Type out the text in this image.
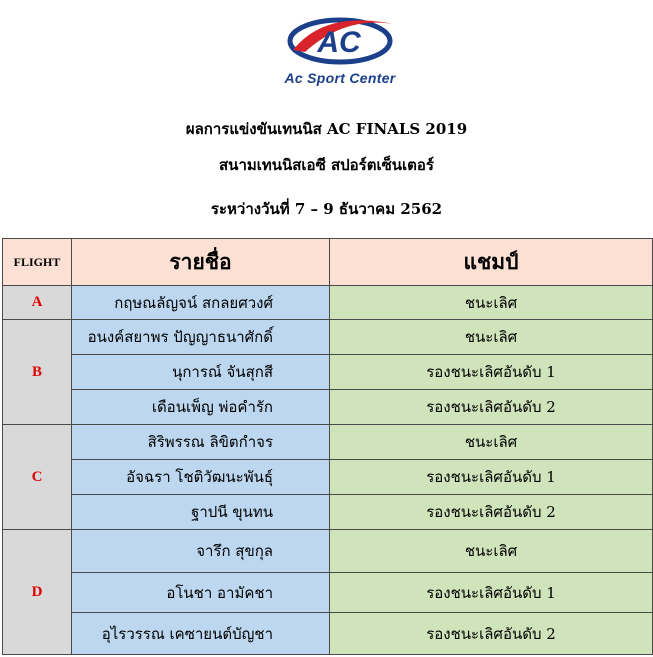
AC
Ac Sport Center
ผลการแข่งขันเทนนิส AC FINALS 2019
สนามเทนนิสเอซี สปอร์ตเซ็นเตอร์
ระหว่างวันที่ 7 – 9 ธันวาคม 2562
FLIGHT	รายชื่อ	แชมป์
A	กฤษณลัญจน์ สกลยศวงศ์	ชนะเลิศ
B	อนงค์สยาพร ปัญญาธนาศักดิ์	ชนะเลิศ
	นุการณ์ จันสุกสี	รองชนะเลิศอันดับ 1
	เดือนเพ็ญ พ่อคำรัก	รองชนะเลิศอันดับ 2
C	สิริพรรณ ลิขิตกำจร	ชนะเลิศ
	อัจฉรา โชติวัฒนะพันธุ์	รองชนะเลิศอันดับ 1
	ฐาปนี ขุนทน	รองชนะเลิศอันดับ 2
D	จารึก สุขกุล	ชนะเลิศ
	อโนชา อามัคชา	รองชนะเลิศอันดับ 1
	อุไรวรรณ เคซายนต์บัญชา	รองชนะเลิศอันดับ 2
